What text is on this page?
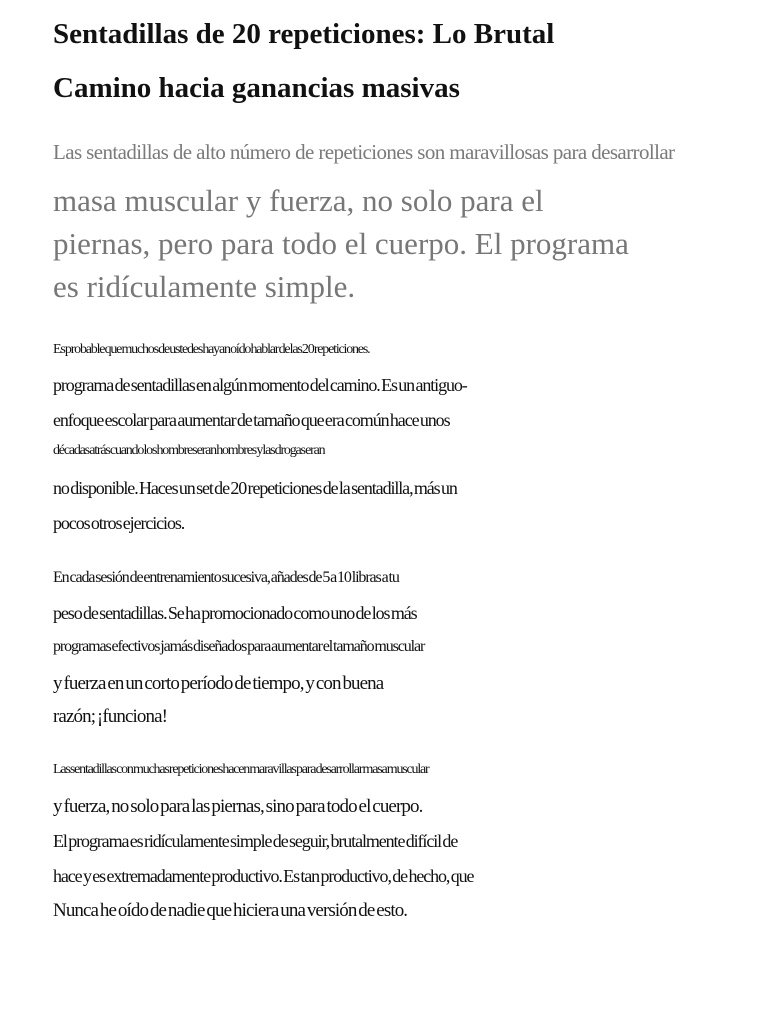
Sentadillas de 20 repeticiones: Lo Brutal
Camino hacia ganancias masivas
Las sentadillas de alto número de repeticiones son maravillosas para desarrollar
masa muscular y fuerza, no solo para el
piernas, pero para todo el cuerpo. El programa
es ridículamente simple.
Es probable que muchos de ustedes hayan oído hablar de las 20 repeticiones.
programa de sentadillas en algún momento del camino. Es un antiguo-
enfoque escolar para aumentar de tamaño que era común hace unos
décadas atrás cuando los hombres eran hombres y las drogas eran
no disponible. Haces un set de 20 repeticiones de la sentadilla, más un
pocos otros ejercicios.
En cada sesión de entrenamiento sucesiva, añades de 5 a 10 libras a tu
peso de sentadillas. Se ha promocionado como uno de los más
programas efectivos jamás diseñados para aumentar el tamaño muscular
y fuerza en un corto período de tiempo, y con buena
razón; ¡funciona!
Las sentadillas con muchas repeticiones hacen maravillas para desarrollar masa muscular
y fuerza, no solo para las piernas, sino para todo el cuerpo.
El programa es ridículamente simple de seguir, brutalmente difícil de
hace y es extremadamente productivo. Es tan productivo, de hecho, que
Nunca he oído de nadie que hiciera una versión de esto.
